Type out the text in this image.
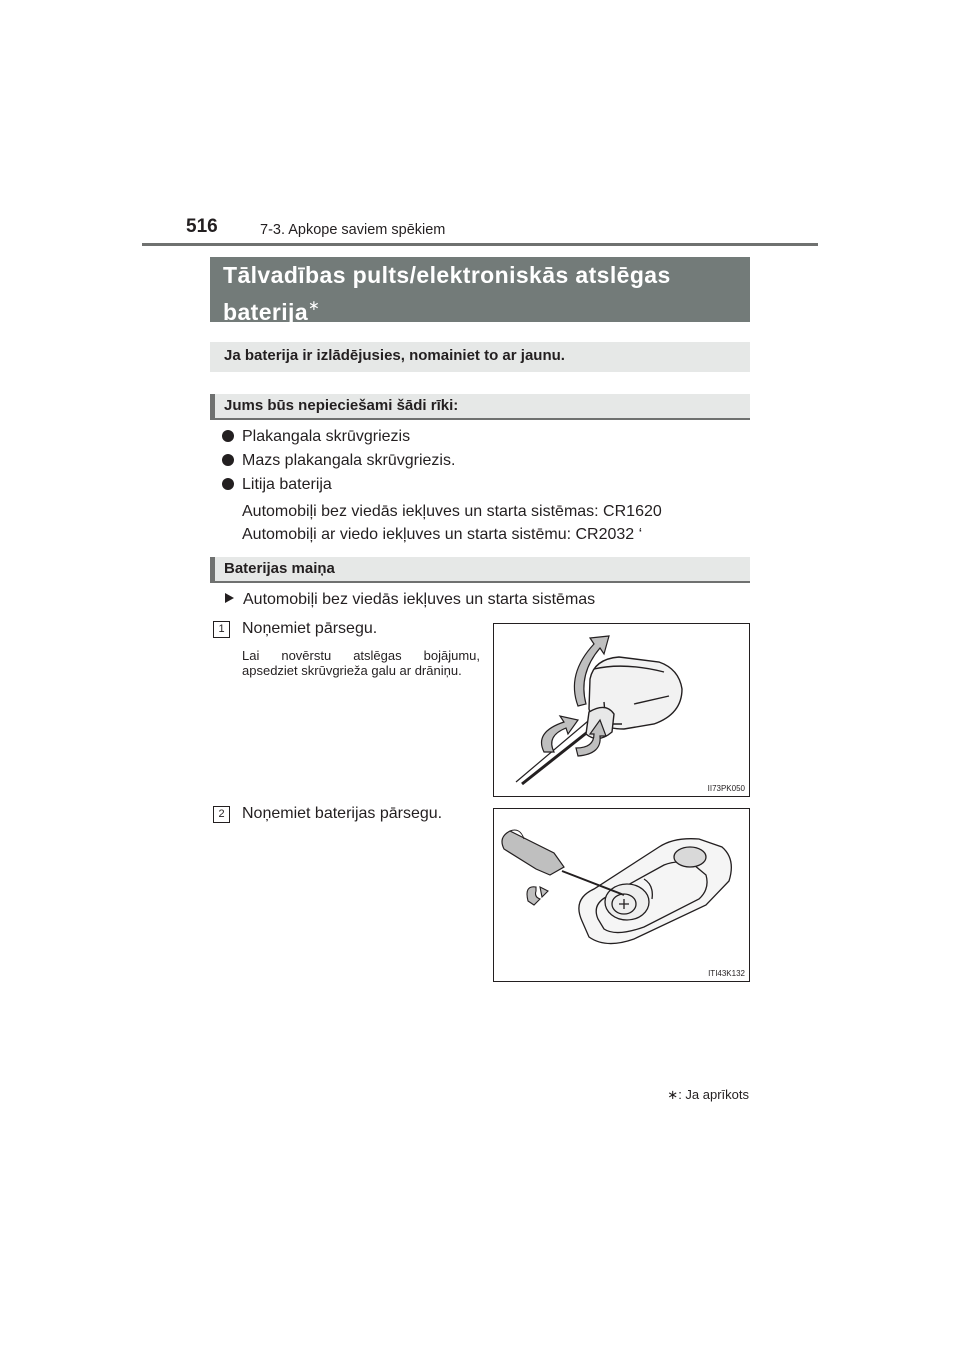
516	7-3. Apkope saviem spēkiem
Tālvadības pults/elektroniskās atslēgas
baterija∗
Ja baterija ir izlādējusies, nomainiet to ar jaunu.
Jums būs nepieciešami šādi rīki:
Plakangala skrūvgriezis
Mazs plakangala skrūvgriezis.
Litija baterija
Automobiļi bez viedās iekļuves un starta sistēmas: CR1620
Automobiļi ar viedo iekļuves un starta sistēmu: CR2032 ‘
Baterijas maiņa
Automobiļi bez viedās iekļuves un starta sistēmas
1	Noņemiet pārsegu.
Lai novērstu atslēgas bojājumu, apsedziet skrūvgrieža galu ar drāniņu.
II73PK050
2	Noņemiet baterijas pārsegu.
ITI43K132
∗: Ja aprīkots
